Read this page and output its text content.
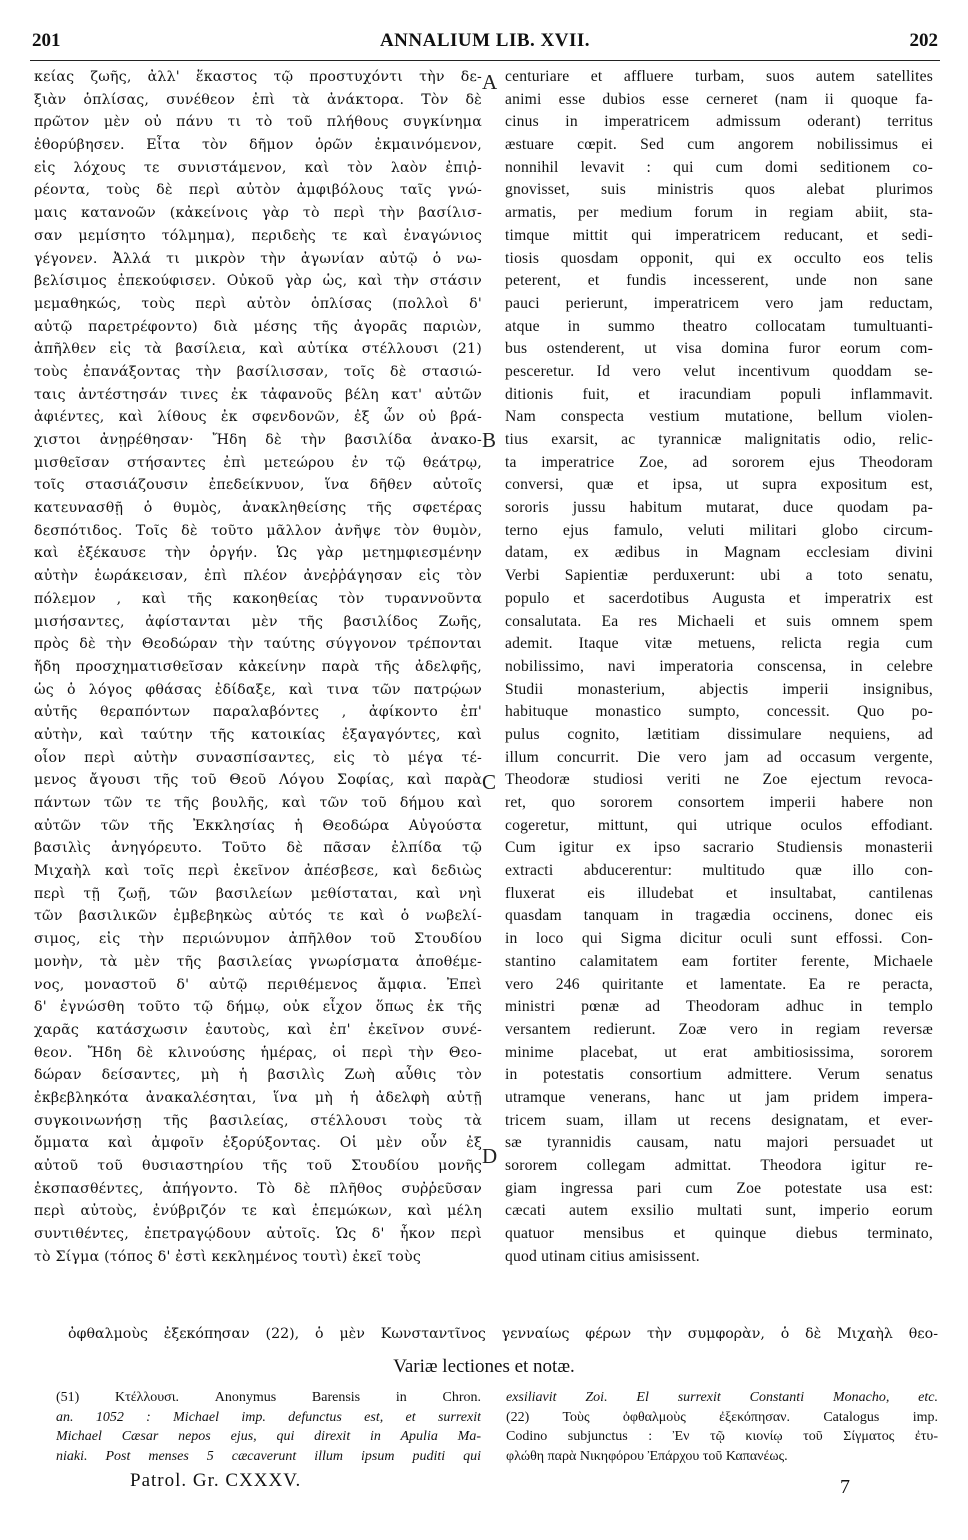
201	ANNALIUM LIB. XVII.	202
κείας ζωῆς, ἀλλ' ἕκαστος τῷ προστυχόντι τὴν δε-
ξιὰν ὁπλίσας, συνέθεον ἐπὶ τὰ ἀνάκτορα. Τὸν δὲ
πρῶτον μὲν οὐ πάνυ τι τὸ τοῦ πλήθους συγκίνημα
ἐθορύβησεν. Εἶτα τὸν δῆμον ὁρῶν ἐκμαινόμενον,
εἰς λόχους τε συνιστάμενον, καὶ τὸν λαὸν ἐπιῤ-
ρέοντα, τοὺς δὲ περὶ αὐτὸν ἀμφιβόλους ταῖς γνώ-
μαις κατανοῶν (κἀκείνοις γὰρ τὸ περὶ τὴν βασίλισ-
σαν μεμίσητο τόλμημα), περιδεὴς τε καὶ ἐναγώνιος
γέγονεν. Ἀλλά τι μικρὸν τὴν ἀγωνίαν αὐτῷ ὁ νω-
βελίσιμος ἐπεκούφισεν. Οὐκοῦ γὰρ ὡς, καὶ τὴν στάσιν
μεμαθηκώς, τοὺς περὶ αὐτὸν ὁπλίσας (πολλοὶ δ'
αὐτῷ παρετρέφοντο) διὰ μέσης τῆς ἀγορᾶς παριὼν,
ἀπῆλθεν εἰς τὰ βασίλεια, καὶ αὐτίκα στέλλουσι (21)
τοὺς ἐπανάξοντας τὴν βασίλισσαν, τοῖς δὲ στασιώ-
ταις ἀντέστησάν τινες ἐκ τἀφανοῦς βέλη κατ' αὐτῶν
ἀφιέντες, καὶ λίθους ἐκ σφενδονῶν, ἐξ ὧν οὐ βρά-
χιστοι ἀνῃρέθησαν· Ἤδη δὲ τὴν βασιλίδα ἀνακο-
μισθεῖσαν στήσαντες ἐπὶ μετεώρου ἐν τῷ θεάτρῳ,
τοῖς στασιάζουσιν ἐπεδείκνυον, ἵνα δῆθεν αὐτοῖς
κατευνασθῇ ὁ θυμὸς, ἀνακληθείσης τῆς σφετέρας
δεσπότιδος. Τοῖς δὲ τοῦτο μᾶλλον ἀνῆψε τὸν θυμὸν,
καὶ ἐξέκαυσε τὴν ὀργήν. Ὡς γὰρ μετημφιεσμένην
αὐτὴν ἑωράκεισαν, ἐπὶ πλέον ἀνεῤῥάγησαν εἰς τὸν
πόλεμον , καὶ τῆς κακοηθείας τὸν τυραννοῦντα
μισήσαντες, ἀφίστανται μὲν τῆς βασιλίδος Ζωῆς,
πρὸς δὲ τὴν Θεοδώραν τὴν ταύτης σύγγονον τρέπονται
ἤδη προσχηματισθεῖσαν κἀκείνην παρὰ τῆς ἀδελφῆς,
ὡς ὁ λόγος φθάσας ἐδίδαξε, καὶ τινα τῶν πατρῴων
αὐτῆς θεραπόντων παραλαβόντες , ἀφίκοντο ἐπ'
αὐτὴν, καὶ ταύτην τῆς κατοικίας ἐξαγαγόντες, καὶ
οἷον περὶ αὐτὴν συνασπίσαντες, εἰς τὸ μέγα τέ-
μενος ἄγουσι τῆς τοῦ Θεοῦ Λόγου Σοφίας, καὶ παρὰ
πάντων τῶν τε τῆς βουλῆς, καὶ τῶν τοῦ δήμου καὶ
αὐτῶν τῶν τῆς Ἐκκλησίας ἡ Θεοδώρα Αὐγούστα
βασιλὶς ἀνηγόρευτο. Τοῦτο δὲ πᾶσαν ἐλπίδα τῷ
Μιχαὴλ καὶ τοῖς περὶ ἐκεῖνον ἀπέσβεσε, καὶ δεδιὼς
περὶ τῇ ζωῇ, τῶν βασιλείων μεθίσταται, καὶ νηὶ
τῶν βασιλικῶν ἐμβεβηκὼς αὐτός τε καὶ ὁ νωβελί-
σιμος, εἰς τὴν περιώνυμον ἀπῆλθον τοῦ Στουδίου
μονὴν, τὰ μὲν τῆς βασιλείας γνωρίσματα ἀποθέμε-
νος, μοναστοῦ δ' αὐτῷ περιθέμενος ἄμφια. Ἐπεὶ
δ' ἐγνώσθη τοῦτο τῷ δήμῳ, οὐκ εἶχον ὅπως ἐκ τῆς
χαρᾶς κατάσχωσιν ἑαυτοὺς, καὶ ἐπ' ἐκεῖνον συνέ-
θεον. Ἤδη δὲ κλινούσης ἡμέρας, οἱ περὶ τὴν Θεο-
δώραν δείσαντες, μὴ ἡ βασιλὶς Ζωὴ αὖθις τὸν
ἐκβεβληκότα ἀνακαλέσηται, ἵνα μὴ ἡ ἀδελφὴ αὐτῇ
συγκοινωνήσῃ τῆς βασιλείας, στέλλουσι τοὺς τὰ
ὄμματα καὶ ἀμφοῖν ἐξορύξοντας. Οἱ μὲν οὖν ἐξ
αὐτοῦ τοῦ θυσιαστηρίου τῆς τοῦ Στουδίου μονῆς
ἐκσπασθέντες, ἀπήγοντο. Τὸ δὲ πλῆθος συῤῥεῦσαν
περὶ αὐτοὺς, ἐνύβριζόν τε καὶ ἐπεμώκων, καὶ μέλη
συντιθέντες, ἐπετραγῴδουν αὐτοῖς. Ὡς δ' ἧκον περὶ
τὸ Σίγμα (τόπος δ' ἐστὶ κεκλημένος τουτὶ) ἐκεῖ τοὺς
centuriare et affluere turbam, suos autem satellites
animi esse dubios esse cerneret (nam ii quoque fa-
cinus in imperatricem admissum oderant) territus
æstuare cœpit. Sed cum angorem nobilissimus ei
nonnihil levavit : qui cum domi seditionem co-
gnovisset, suis ministris quos alebat plurimos
armatis, per medium forum in regiam abiit, sta-
timque mittit qui imperatricem reducant, et sedi-
tiosis quosdam opponit, qui ex occulto eos telis
peterent, et fundis incesserent, unde non sane
pauci perierunt, imperatricem vero jam reductam,
atque in summo theatro collocatam tumultuanti-
bus ostenderent, ut visa domina furor eorum com-
pesceretur. Id vero velut incentivum quoddam se-
ditionis fuit, et iracundiam populi inflammavit.
Nam conspecta vestium mutatione, bellum violen-
tius exarsit, ac tyrannicæ malignitatis odio, relic-
ta imperatrice Zoe, ad sororem ejus Theodoram
conversi, quæ et ipsa, ut supra expositum est,
sororis jussu habitum mutarat, duce quodam pa-
terno ejus famulo, veluti militari globo circum-
datam, ex ædibus in Magnam ecclesiam divini
Verbi Sapientiæ perduxerunt: ubi a toto senatu,
populo et sacerdotibus Augusta et imperatrix est
consalutata. Ea res Michaeli et suis omnem spem
ademit. Itaque vitæ metuens, relicta regia cum
nobilissimo, navi imperatoria conscensa, in celebre
Studii monasterium, abjectis imperii insignibus,
habituque monastico sumpto, concessit. Quo po-
pulus cognito, lætitiam dissimulare nequiens, ad
illum concurrit. Die vero jam ad occasum vergente,
Theodoræ studiosi veriti ne Zoe ejectum revoca-
ret, quo sororem consortem imperii habere non
cogeretur, mittunt, qui utrique oculos effodiant.
Cum igitur ex ipso sacrario Studiensis monasterii
extracti abducerentur: multitudo quæ illo con-
fluxerat eis illudebat et insultabat, cantilenas
quasdam tanquam in tragædia occinens, donec eis
in loco qui Sigma dicitur oculi sunt effossi. Con-
stantino calamitatem eam fortiter ferente, Michaele
vero 246 quiritante et lamentate. Ea re peracta,
ministri pœnæ ad Theodoram adhuc in templo
versantem redierunt. Zoæ vero in regiam reversæ
minime placebat, ut erat ambitiosissima, sororem
in potestatis consortium admittere. Verum senatus
utramque venerans, hanc ut jam pridem impera-
tricem suam, illam ut recens designatam, et ever-
sæ tyrannidis causam, natu majori persuadet ut
sororem collegam admittat. Theodora igitur re-
giam ingressa pari cum Zoe potestate usa est:
cæcati autem exsilio multati sunt, imperio eorum
quatuor mensibus et quinque diebus terminato,
quod utinam citius amisissent.
A
B
C
D
ὀφθαλμοὺς ἐξεκόπησαν (22), ὁ μὲν Κωνσταντῖνος γενναίως φέρων τὴν συμφορὰν, ὁ δὲ Μιχαὴλ θεο-
Variæ lectiones et notæ.
(51) Κτέλλουσι. Anonymus Barensis in Chron.
an. 1052 : Michael imp. defunctus est, et surrexit
Michael Cæsar nepos ejus, qui direxit in Apulia Ma-
niaki. Post menses 5 cæcaverunt illum ipsum puditi qui
exsiliavit Zoi. El surrexit Constanti Monacho, etc.
(22) Τοὺς ὀφθαλμοὺς ἐξεκόπησαν. Catalogus imp.
Codino subjunctus : Ἐν τῷ κιονίῳ τοῦ Σίγματος ἐτυ-
φλώθη παρὰ Νικηφόρου Ἐπάρχου τοῦ Καπανέως.
Patrol. Gr. CXXXV.	7
